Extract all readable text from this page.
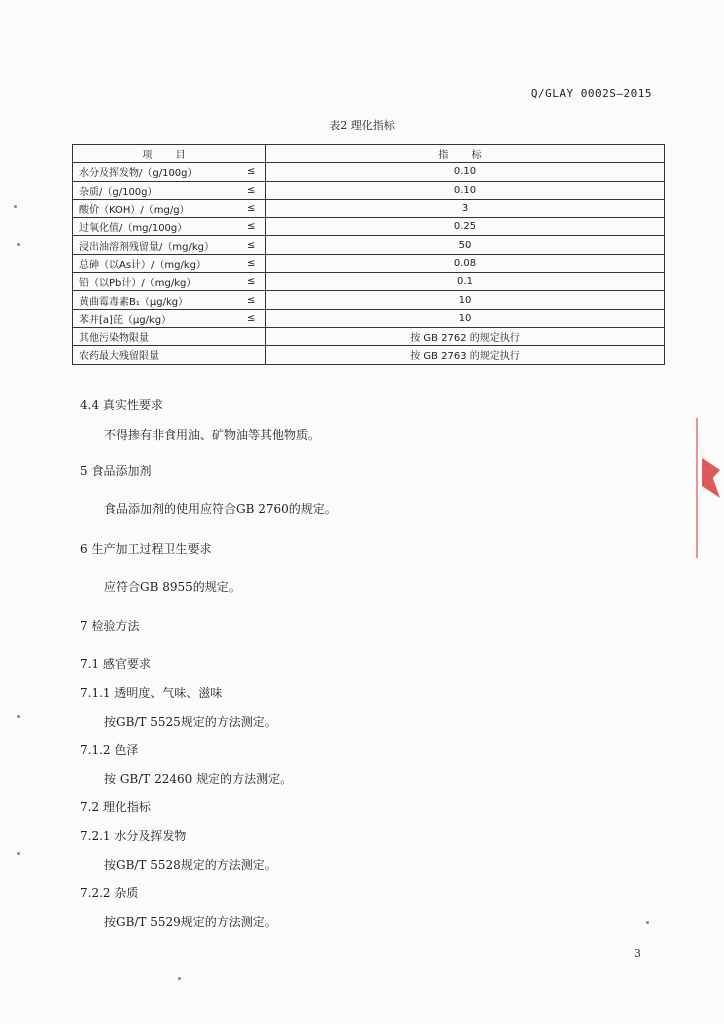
Q/GLAY 0002S—2015
表2 理化指标
项 目		指 标
水分及挥发物/（g/100g）	≤	0.10
杂质/（g/100g）	≤	0.10
酸价（KOH）/（mg/g）	≤	3
过氧化值/（mg/100g）	≤	0.25
浸出油溶剂残留量/（mg/kg）	≤	50
总砷（以As计）/（mg/kg）	≤	0.08
铅（以Pb计）/（mg/kg）	≤	0.1
黄曲霉毒素B₁（μg/kg）	≤	10
苯并[a]芘（μg/kg）	≤	10
其他污染物限量		按 GB 2762 的规定执行
农药最大残留限量		按 GB 2763 的规定执行
4.4 真实性要求
不得掺有非食用油、矿物油等其他物质。
5 食品添加剂
食品添加剂的使用应符合GB 2760的规定。
6 生产加工过程卫生要求
应符合GB 8955的规定。
7 检验方法
7.1 感官要求
7.1.1 透明度、气味、滋味
按GB/T 5525规定的方法测定。
7.1.2 色泽
按 GB/T 22460 规定的方法测定。
7.2 理化指标
7.2.1 水分及挥发物
按GB/T 5528规定的方法测定。
7.2.2 杂质
按GB/T 5529规定的方法测定。
3
